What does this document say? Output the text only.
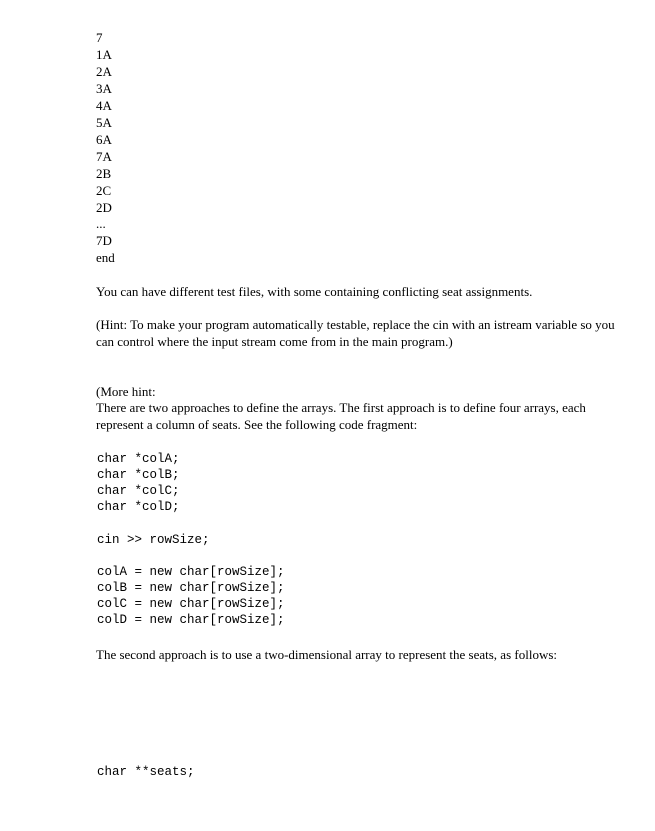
7
1A
2A
3A
4A
5A
6A
7A
2B
2C
2D
...
7D
end
You can have different test files, with some containing conflicting seat assignments.
(Hint: To make your program automatically testable, replace the cin with an istream variable so you can control where the input stream come from in the main program.)
(More hint:
There are two approaches to define the arrays. The first approach is to define four arrays, each represent a column of seats. See the following code fragment:
char *colA;
char *colB;
char *colC;
char *colD;
cin >> rowSize;
colA = new char[rowSize];
colB = new char[rowSize];
colC = new char[rowSize];
colD = new char[rowSize];
The second approach is to use a two-dimensional array to represent the seats, as follows:
char **seats;
